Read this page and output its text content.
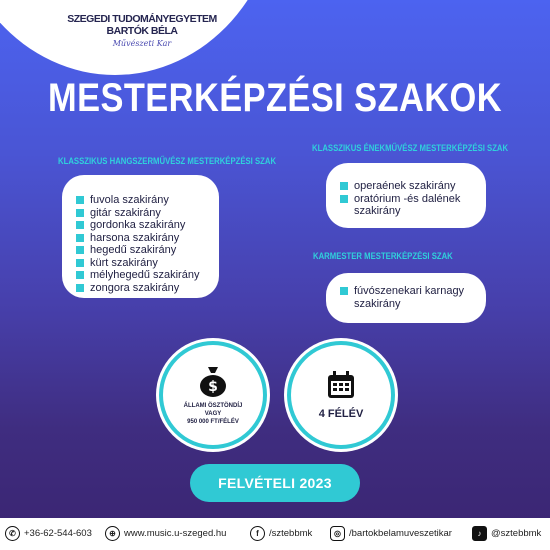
SZEGEDI TUDOMÁNYEGYETEM
BARTÓK BÉLA
Művészeti Kar
MESTERKÉPZÉSI SZAKOK
KLASSZIKUS HANGSZERMŰVÉSZ MESTERKÉPZÉSI SZAK
fuvola szakirány
gitár szakirány
gordonka szakirány
harsona szakirány
hegedű szakirány
kürt szakirány
mélyhegedű szakirány
zongora szakirány
KLASSZIKUS ÉNEKMŰVÉSZ MESTERKÉPZÉSI SZAK
operaének szakirány
oratórium -és dalének szakirány
KARMESTER MESTERKÉPZÉSI SZAK
fúvószenekari karnagy szakirány
$
ÁLLAMI ÖSZTÖNDÍJ
VAGY
950 000 FT/FÉLÉV
4 FÉLÉV
FELVÉTELI 2023
✆ +36-62-544-603	⊕ www.music.u-szeged.hu	f	/sztebbmk	◎ /bartokbelamuveszetikar	♪	@sztebbmk
